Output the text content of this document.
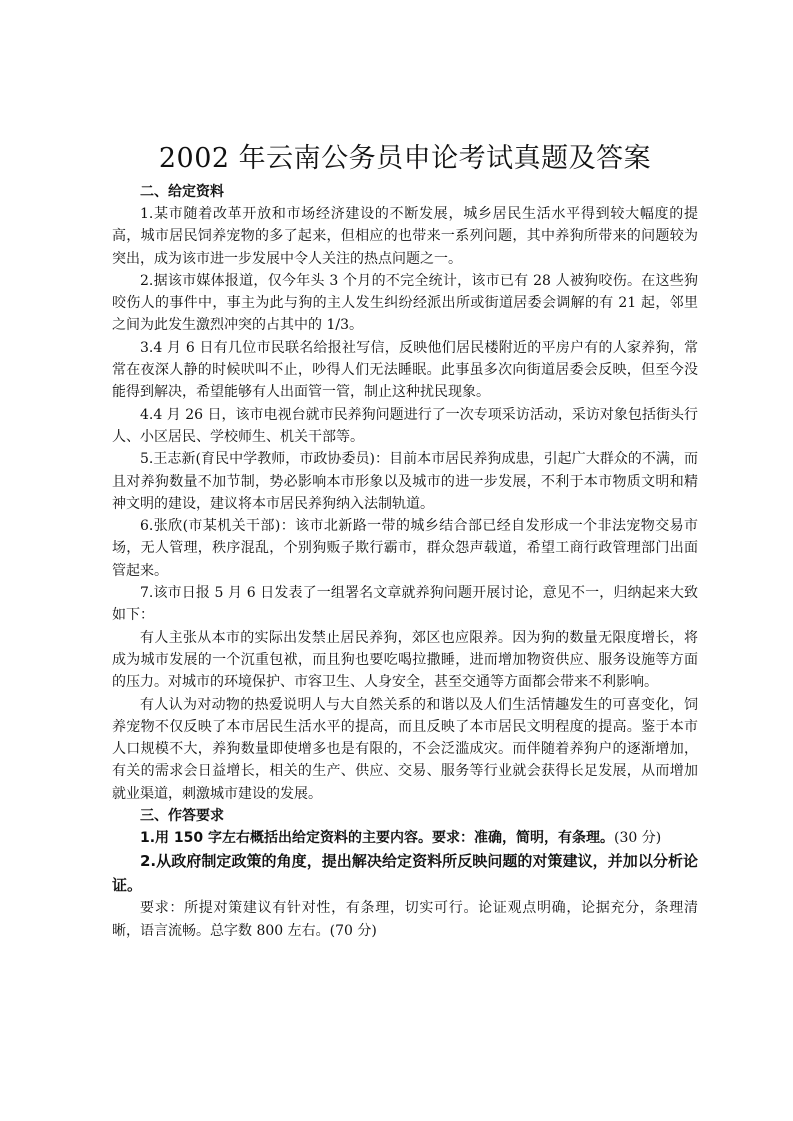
2002 年云南公务员申论考试真题及答案
二、给定资料

1.某市随着改革开放和市场经济建设的不断发展，城乡居民生活水平得到较大幅度的提高，城市居民饲养宠物的多了起来，但相应的也带来一系列问题，其中养狗所带来的问题较为突出，成为该市进一步发展中令人关注的热点问题之一。

2.据该市媒体报道，仅今年头 3 个月的不完全统计，该市已有 28 人被狗咬伤。在这些狗咬伤人的事件中，事主为此与狗的主人发生纠纷经派出所或街道居委会调解的有 21 起，邻里之间为此发生激烈冲突的占其中的 1/3。

3.4 月 6 日有几位市民联名给报社写信，反映他们居民楼附近的平房户有的人家养狗，常常在夜深人静的时候吠叫不止，吵得人们无法睡眠。此事虽多次向街道居委会反映，但至今没能得到解决，希望能够有人出面管一管，制止这种扰民现象。

4.4 月 26 日，该市电视台就市民养狗问题进行了一次专项采访活动，采访对象包括街头行人、小区居民、学校师生、机关干部等。

5.王志新(育民中学教师，市政协委员)：目前本市居民养狗成患，引起广大群众的不满，而且对养狗数量不加节制，势必影响本市形象以及城市的进一步发展，不利于本市物质文明和精神文明的建设，建议将本市居民养狗纳入法制轨道。

6.张欣(市某机关干部)：该市北新路一带的城乡结合部已经自发形成一个非法宠物交易市场，无人管理，秩序混乱，个别狗贩子欺行霸市，群众怨声载道，希望工商行政管理部门出面管起来。

7.该市日报 5 月 6 日发表了一组署名文章就养狗问题开展讨论，意见不一，归纳起来大致如下：

有人主张从本市的实际出发禁止居民养狗，郊区也应限养。因为狗的数量无限度增长，将成为城市发展的一个沉重包袱，而且狗也要吃喝拉撒睡，进而增加物资供应、服务设施等方面的压力。对城市的环境保护、市容卫生、人身安全，甚至交通等方面都会带来不利影响。

有人认为对动物的热爱说明人与大自然关系的和谐以及人们生活情趣发生的可喜变化，饲养宠物不仅反映了本市居民生活水平的提高，而且反映了本市居民文明程度的提高。鉴于本市人口规模不大，养狗数量即使增多也是有限的，不会泛滥成灾。而伴随着养狗户的逐渐增加，有关的需求会日益增长，相关的生产、供应、交易、服务等行业就会获得长足发展，从而增加就业渠道，刺激城市建设的发展。

三、作答要求

1.用 150 字左右概括出给定资料的主要内容。要求：准确，简明，有条理。(30 分)

2.从政府制定政策的角度，提出解决给定资料所反映问题的对策建议，并加以分析论证。

要求：所提对策建议有针对性，有条理，切实可行。论证观点明确，论据充分，条理清晰，语言流畅。总字数 800 左右。(70 分)
